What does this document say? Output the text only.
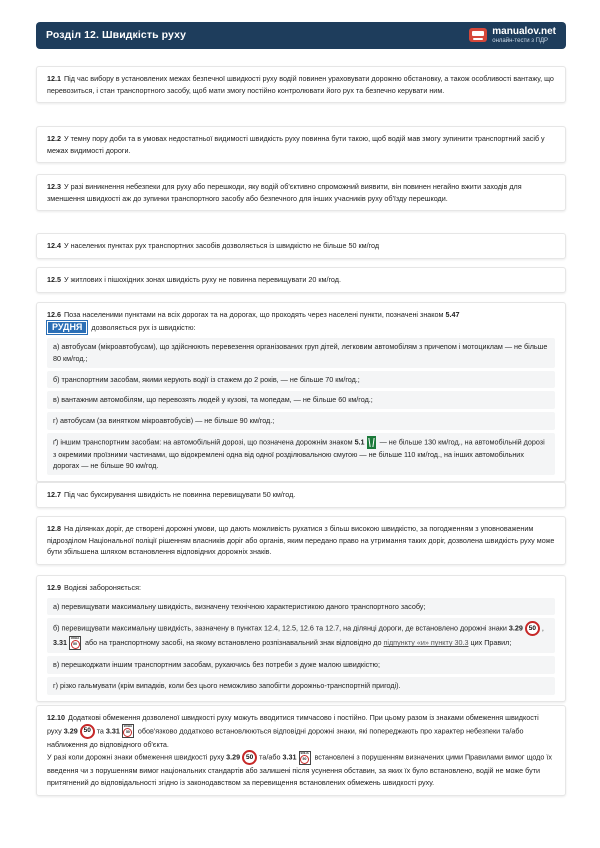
Розділ 12. Швидкість руху	manualov.net
онлайн-тести з ПДР
12.1 Під час вибору в установлених межах безпечної швидкості руху водій повинен ураховувати дорожню обстановку, а також особливості вантажу, що перевозиться, і стан транспортного засобу, щоб мати змогу постійно контролювати його рух та безпечно керувати ним.
12.2 У темну пору доби та в умовах недостатньої видимості швидкість руху повинна бути такою, щоб водій мав змогу зупинити транспортний засіб у межах видимості дороги.
12.3 У разі виникнення небезпеки для руху або перешкоди, яку водій об'єктивно спроможний виявити, він повинен негайно вжити заходів для зменшення швидкості аж до зупинки транспортного засобу або безпечного для інших учасників руху об'їзду перешкоди.
12.4 У населених пунктах рух транспортних засобів дозволяється із швидкістю не більше 50 км/год
12.5 У житлових і пішохідних зонах швидкість руху не повинна перевищувати 20 км/год.
12.6 Поза населеними пунктами на всіх дорогах та на дорогах, що проходять через населені пункти, позначені знаком 5.47
РУДНЯ дозволяється рух із швидкістю:
а) автобусам (мікроавтобусам), що здійснюють перевезення організованих груп дітей, легковим автомобілям з причепом і мотоциклам — не більше 80 км/год.;
б) транспортним засобам, якими керують водії із стажем до 2 років, — не більше 70 км/год.;
в) вантажним автомобілям, що перевозять людей у кузові, та мопедам, — не більше 60 км/год.;
г) автобусам (за винятком мікроавтобусів) — не більше 90 км/год.;
ґ) іншим транспортним засобам: на автомобільній дорозі, що позначена дорожнім знаком 5.1 — не більше 130 км/год., на автомобільній дорозі з окремими проїзними частинами, що відокремлені одна від одної розділювальною смугою — не більше 110 км/год., на інших автомобільних дорогах — не більше 90 км/год.
12.7 Під час буксирування швидкість не повинна перевищувати 50 км/год.
12.8 На ділянках доріг, де створені дорожні умови, що дають можливість рухатися з більш високою швидкістю, за погодженням з уповноваженим підрозділом Національної поліції рішенням власників доріг або органів, яким передано право на утримання таких доріг, дозволена швидкість руху може бути збільшена шляхом встановлення відповідних дорожніх знаків.
12.9 Водієві забороняється:
а) перевищувати максимальну швидкість, визначену технічною характеристикою даного транспортного засобу;
б) перевищувати максимальну швидкість, зазначену в пунктах 12.4, 12.5, 12.6 та 12.7, на ділянці дороги, де встановлено дорожні знаки 3.29 50 , 3.31 ЗОНА
50	або на транспортному засобі, на якому встановлено розпізнавальний знак відповідно до підпункту «и» пункту 30.3 цих Правил;
в) перешкоджати іншим транспортним засобам, рухаючись без потреби з дуже малою швидкістю;
г) різко гальмувати (крім випадків, коли без цього неможливо запобігти дорожньо-транспортній пригоді).
12.10 Додаткові обмеження дозволеної швидкості руху можуть вводитися тимчасово і постійно. При цьому разом із знаками обмеження швидкості руху 3.29 50 та 3.31 ЗОНА
50	обов'язково додатково встановлюються відповідні дорожні знаки, які попереджають про характер небезпеки та/або наближення до відповідного об'єкта.
У разі коли дорожні знаки обмеження швидкості руху 3.29 50 та/або 3.31 ЗОНА
50	встановлені з порушенням визначених цими Правилами вимог щодо їх введення чи з порушенням вимог національних стандартів або залишені після усунення обставин, за яких їх було встановлено, водій не може бути притягнений до відповідальності згідно із законодавством за перевищення встановлених обмежень швидкості руху.
